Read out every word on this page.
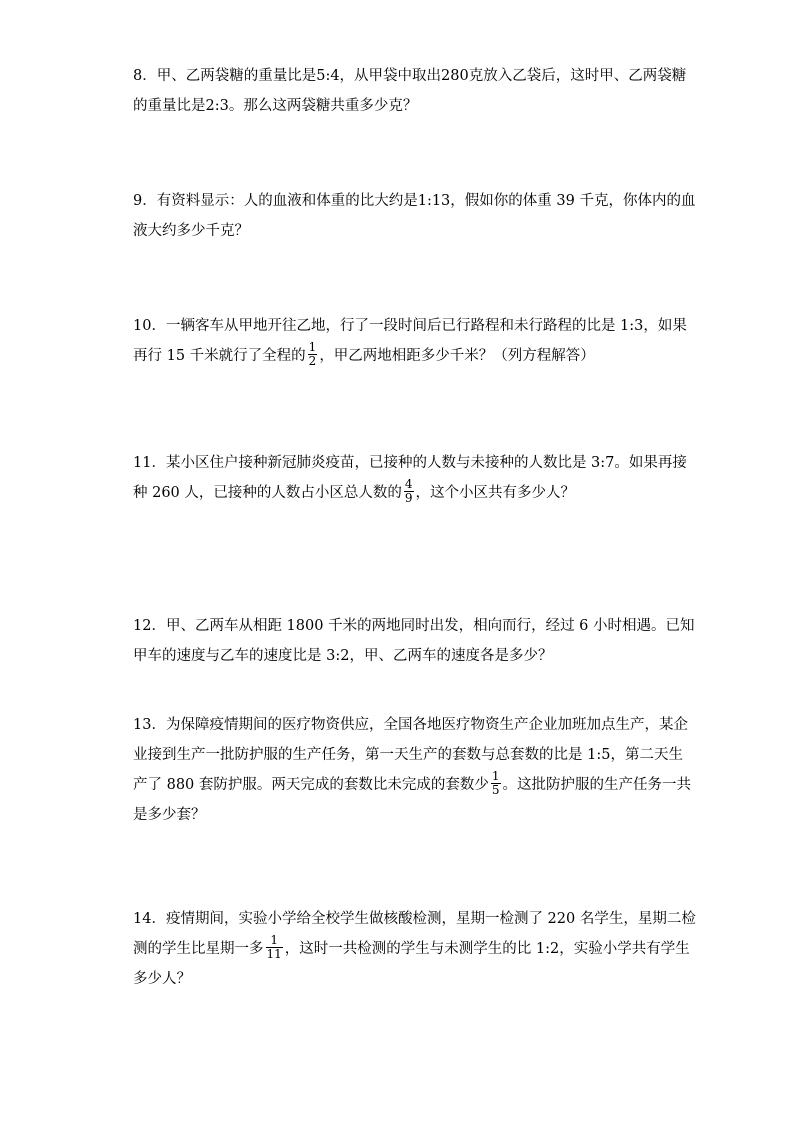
8．甲、乙两袋糖的重量比是5:4，从甲袋中取出280克放入乙袋后，这时甲、乙两袋糖
的重量比是2:3。那么这两袋糖共重多少克？
9．有资料显示：人的血液和体重的比大约是1:13，假如你的体重 39 千克，你体内的血
液大约多少千克？
10．一辆客车从甲地开往乙地，行了一段时间后已行路程和未行路程的比是 1:3，如果
再行 15 千米就行了全程的 $\frac{1}{2}$ ，甲乙两地相距多少千米？（列方程解答）
11．某小区住户接种新冠肺炎疫苗，已接种的人数与未接种的人数比是 3:7。如果再接
种 260 人，已接种的人数占小区总人数的 $\frac{4}{9}$ ，这个小区共有多少人？
12．甲、乙两车从相距 1800 千米的两地同时出发，相向而行，经过 6 小时相遇。已知
甲车的速度与乙车的速度比是 3:2，甲、乙两车的速度各是多少？
13．为保障疫情期间的医疗物资供应，全国各地医疗物资生产企业加班加点生产，某企
业接到生产一批防护服的生产任务，第一天生产的套数与总套数的比是 1:5，第二天生
产了 880 套防护服。两天完成的套数比未完成的套数少 $\frac{1}{5}$ 。这批防护服的生产任务一共
是多少套？
14．疫情期间，实验小学给全校学生做核酸检测，星期一检测了 220 名学生，星期二检
测的学生比星期一多 $\frac{1}{11}$ ，这时一共检测的学生与未测学生的比 1:2，实验小学共有学生
多少人？
